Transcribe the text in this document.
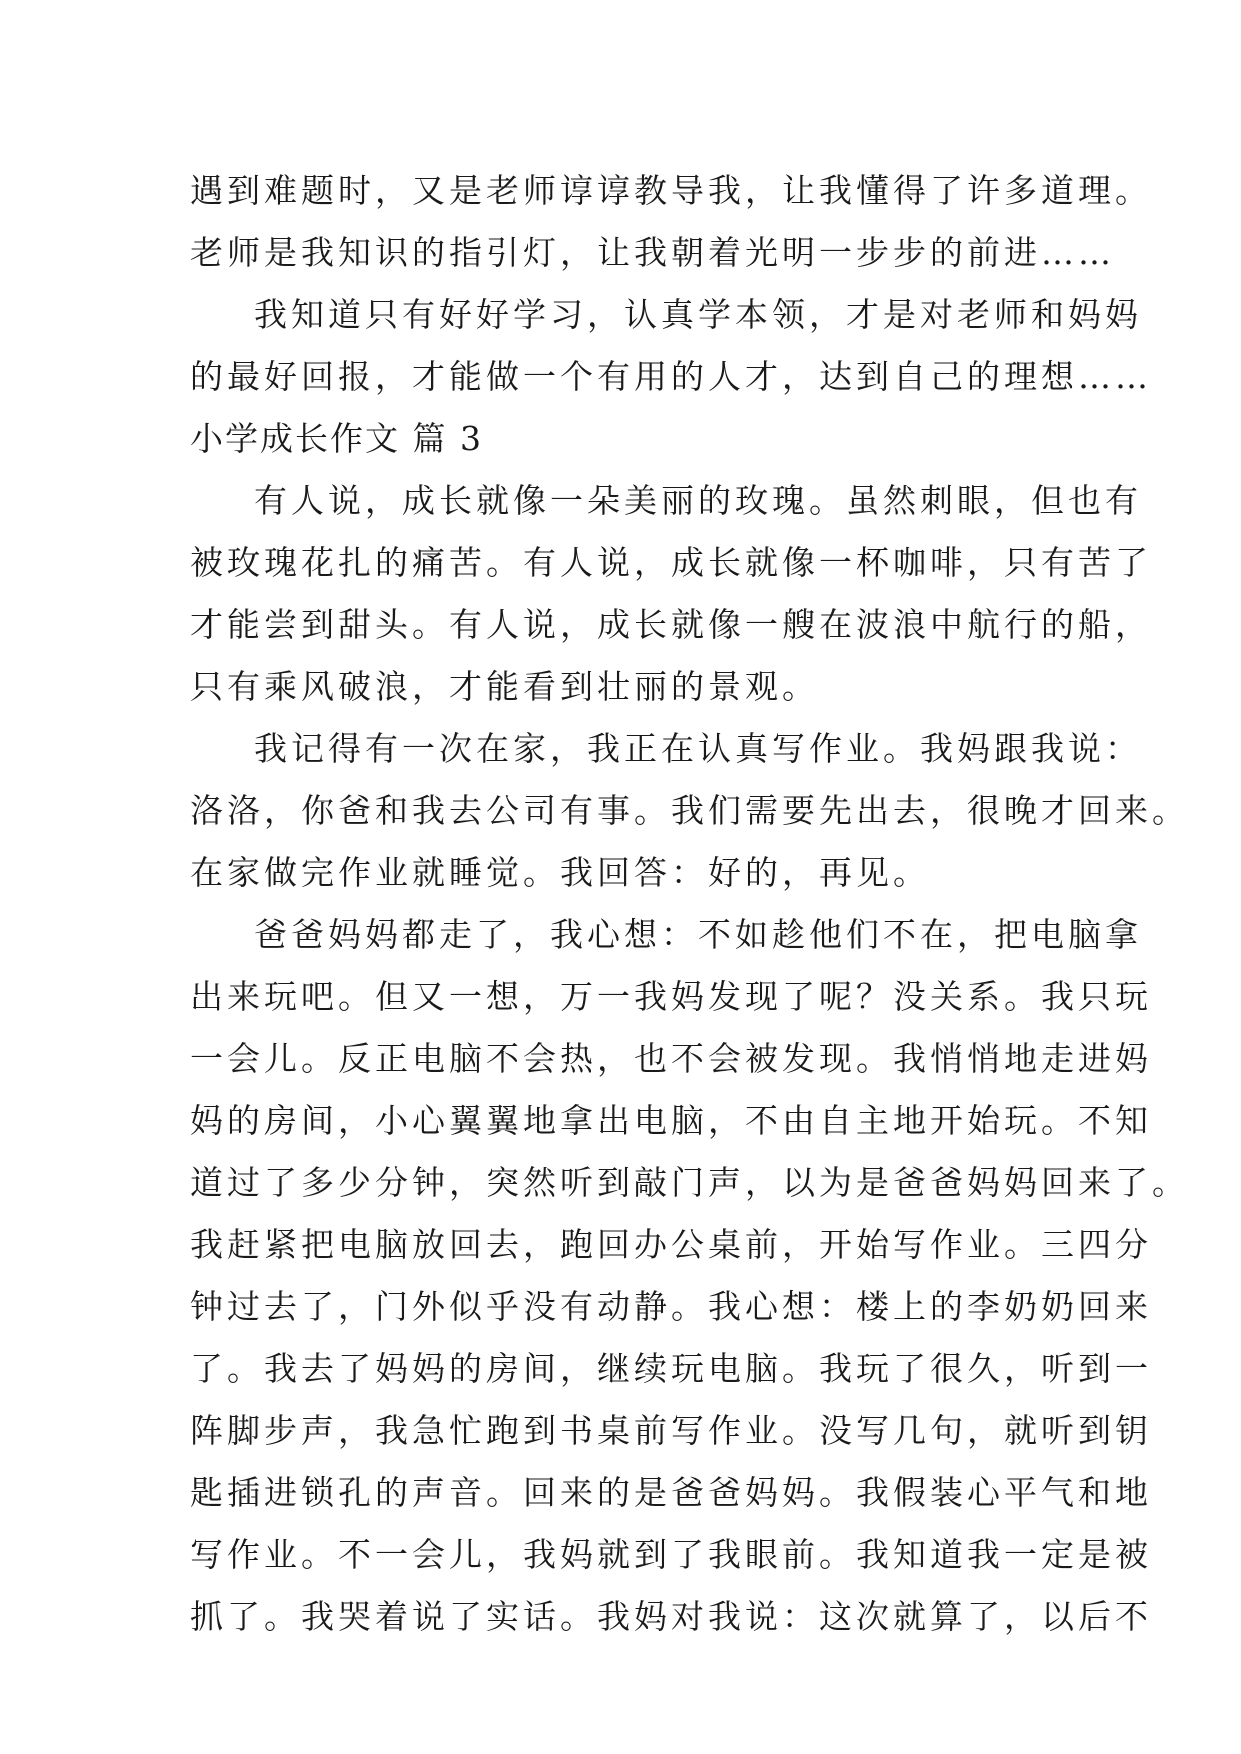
遇到难题时，又是老师谆谆教导我，让我懂得了许多道理。
老师是我知识的指引灯，让我朝着光明一步步的前进……
我知道只有好好学习，认真学本领，才是对老师和妈妈
的最好回报，才能做一个有用的人才，达到自己的理想……
小学成长作文 篇 3
有人说，成长就像一朵美丽的玫瑰。虽然刺眼，但也有
被玫瑰花扎的痛苦。有人说，成长就像一杯咖啡，只有苦了
才能尝到甜头。有人说，成长就像一艘在波浪中航行的船，
只有乘风破浪，才能看到壮丽的景观。
我记得有一次在家，我正在认真写作业。我妈跟我说：
洛洛，你爸和我去公司有事。我们需要先出去，很晚才回来。
在家做完作业就睡觉。我回答：好的，再见。
爸爸妈妈都走了，我心想：不如趁他们不在，把电脑拿
出来玩吧。但又一想，万一我妈发现了呢？没关系。我只玩
一会儿。反正电脑不会热，也不会被发现。我悄悄地走进妈
妈的房间，小心翼翼地拿出电脑，不由自主地开始玩。不知
道过了多少分钟，突然听到敲门声，以为是爸爸妈妈回来了。
我赶紧把电脑放回去，跑回办公桌前，开始写作业。三四分
钟过去了，门外似乎没有动静。我心想：楼上的李奶奶回来
了。我去了妈妈的房间，继续玩电脑。我玩了很久，听到一
阵脚步声，我急忙跑到书桌前写作业。没写几句，就听到钥
匙插进锁孔的声音。回来的是爸爸妈妈。我假装心平气和地
写作业。不一会儿，我妈就到了我眼前。我知道我一定是被
抓了。我哭着说了实话。我妈对我说：这次就算了，以后不
